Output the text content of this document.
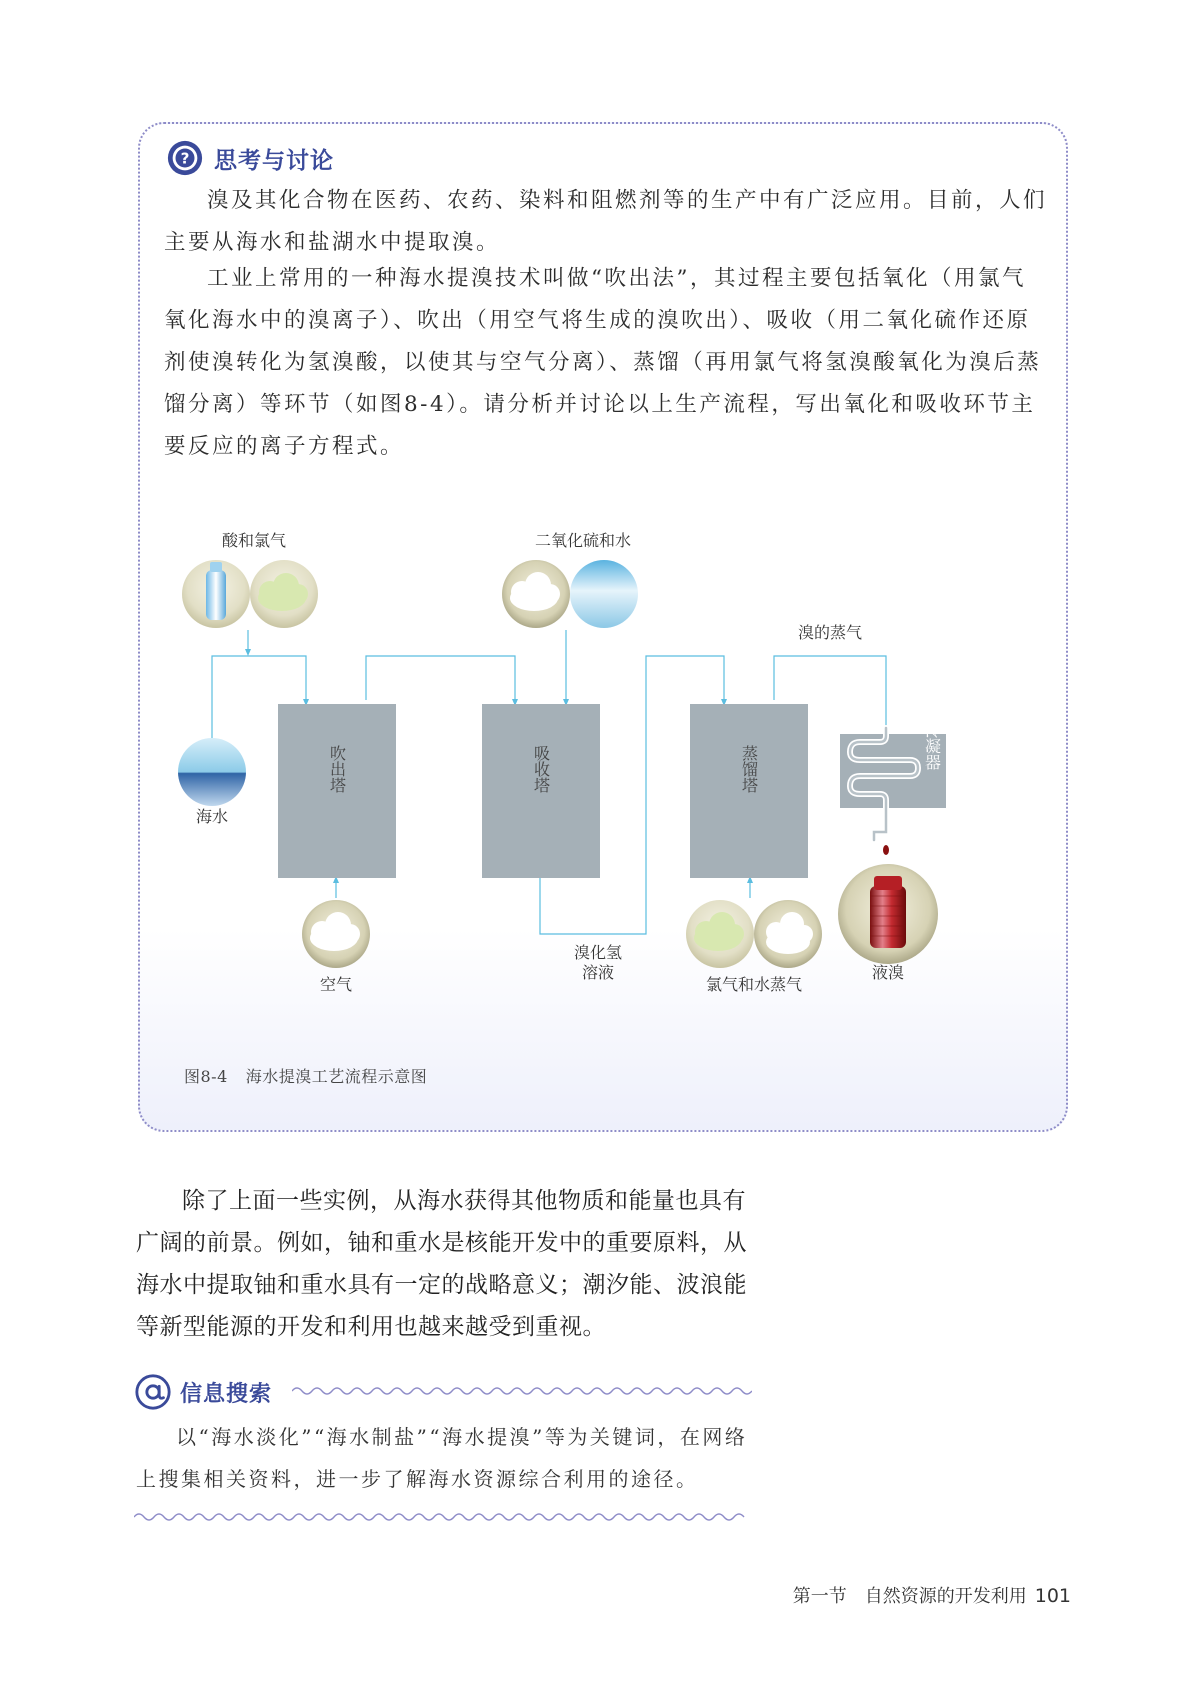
? 思考与讨论

溴及其化合物在医药、农药、染料和阻燃剂等的生产中有广泛应用。目前，人们主要从海水和盐湖水中提取溴。

工业上常用的一种海水提溴技术叫做“吹出法”，其过程主要包括氧化（用氯气氧化海水中的溴离子）、吹出（用空气将生成的溴吹出）、吸收（用二氧化硫作还原剂使溴转化为氢溴酸，以使其与空气分离）、蒸馏（再用氯气将氢溴酸氧化为溴后蒸馏分离）等环节（如图8-4）。请分析并讨论以上生产流程，写出氧化和吸收环节主要反应的离子方程式。

酸和氯气	二氧化硫和水
溴的蒸气
海水
吹出塔	吸收塔	蒸馏塔	冷凝器
空气
溴化氢
溶液
氯气和水蒸气
液溴
图8-4 海水提溴工艺流程示意图

除了上面一些实例，从海水获得其他物质和能量也具有广阔的前景。例如，铀和重水是核能开发中的重要原料，从海水中提取铀和重水具有一定的战略意义；潮汐能、波浪能等新型能源的开发和利用也越来越受到重视。

信息搜索

以“海水淡化”“海水制盐”“海水提溴”等为关键词，在网络上搜集相关资料，进一步了解海水资源综合利用的途径。

第一节 自然资源的开发利用 101
